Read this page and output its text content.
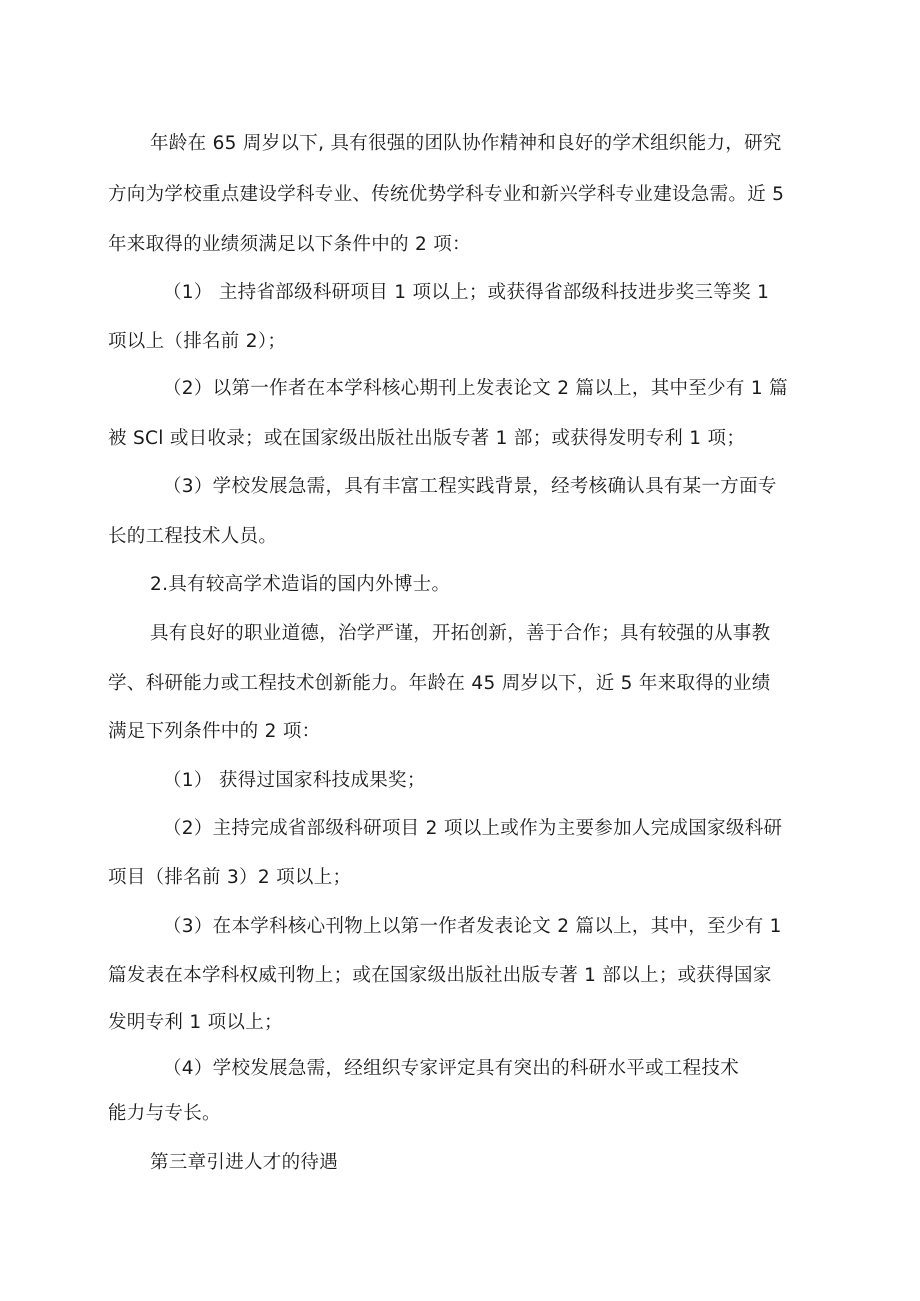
年龄在 65 周岁以下, 具有很强的团队协作精神和良好的学术组织能力，研究
方向为学校重点建设学科专业、传统优势学科专业和新兴学科专业建设急需。近 5
年来取得的业绩须满足以下条件中的 2 项：
（1） 主持省部级科研项目 1 项以上；或获得省部级科技进步奖三等奖 1
项以上（排名前 2）；
（2）以第一作者在本学科核心期刊上发表论文 2 篇以上，其中至少有 1 篇
被 SCl 或日收录；或在国家级出版社出版专著 1 部；或获得发明专利 1 项；
（3）学校发展急需，具有丰富工程实践背景，经考核确认具有某一方面专
长的工程技术人员。
2.具有较高学术造诣的国内外博士。
具有良好的职业道德，治学严谨，开拓创新，善于合作；具有较强的从事教
学、科研能力或工程技术创新能力。年龄在 45 周岁以下，近 5 年来取得的业绩
满足下列条件中的 2 项：
（1） 获得过国家科技成果奖；
（2）主持完成省部级科研项目 2 项以上或作为主要参加人完成国家级科研
项目（排名前 3）2 项以上；
（3）在本学科核心刊物上以第一作者发表论文 2 篇以上，其中，至少有 1
篇发表在本学科权威刊物上；或在国家级出版社出版专著 1 部以上；或获得国家
发明专利 1 项以上；
（4）学校发展急需，经组织专家评定具有突出的科研水平或工程技术
能力与专长。
第三章引进人才的待遇
